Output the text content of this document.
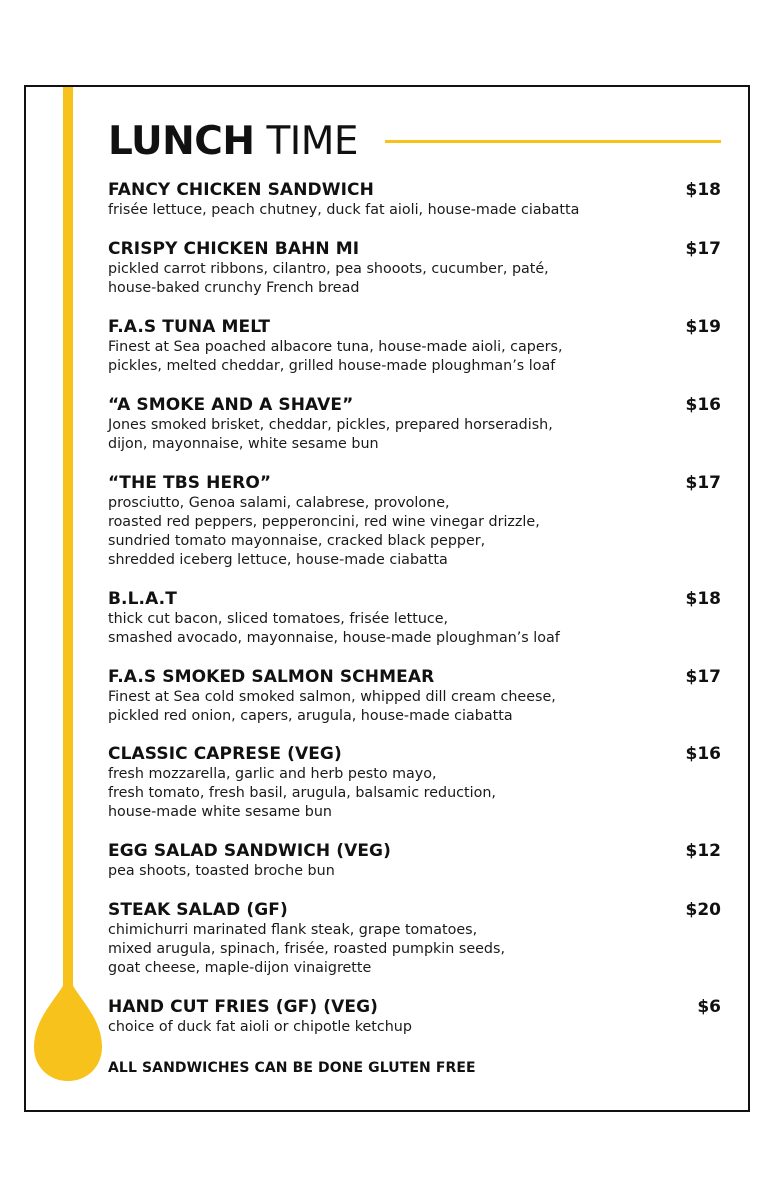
LUNCH TIME
FANCY CHICKEN SANDWICH
frisée lettuce, peach chutney, duck fat aioli, house-made ciabatta
$18
CRISPY CHICKEN BAHN MI
pickled carrot ribbons, cilantro, pea shooots, cucumber, paté,
house-baked crunchy French bread
$17
F.A.S TUNA MELT
Finest at Sea poached albacore tuna, house-made aioli, capers,
pickles, melted cheddar, grilled house-made ploughman’s loaf
$19
“A SMOKE AND A SHAVE”
Jones smoked brisket, cheddar, pickles, prepared horseradish,
dijon, mayonnaise, white sesame bun
$16
“THE TBS HERO”
prosciutto, Genoa salami, calabrese, provolone,
roasted red peppers, pepperoncini, red wine vinegar drizzle,
sundried tomato mayonnaise, cracked black pepper,
shredded iceberg lettuce, house-made ciabatta
$17
B.L.A.T
thick cut bacon, sliced tomatoes, frisée lettuce,
smashed avocado, mayonnaise, house-made ploughman’s loaf
$18
F.A.S SMOKED SALMON SCHMEAR
Finest at Sea cold smoked salmon, whipped dill cream cheese,
pickled red onion, capers, arugula, house-made ciabatta
$17
CLASSIC CAPRESE (VEG)
fresh mozzarella, garlic and herb pesto mayo,
fresh tomato, fresh basil, arugula, balsamic reduction,
house-made white sesame bun
$16
EGG SALAD SANDWICH (VEG)
pea shoots, toasted broche bun
$12
STEAK SALAD (GF)
chimichurri marinated flank steak, grape tomatoes,
mixed arugula, spinach, frisée, roasted pumpkin seeds,
goat cheese, maple-dijon vinaigrette
$20
HAND CUT FRIES (GF) (VEG)
choice of duck fat aioli or chipotle ketchup
$6
ALL SANDWICHES CAN BE DONE GLUTEN FREE
